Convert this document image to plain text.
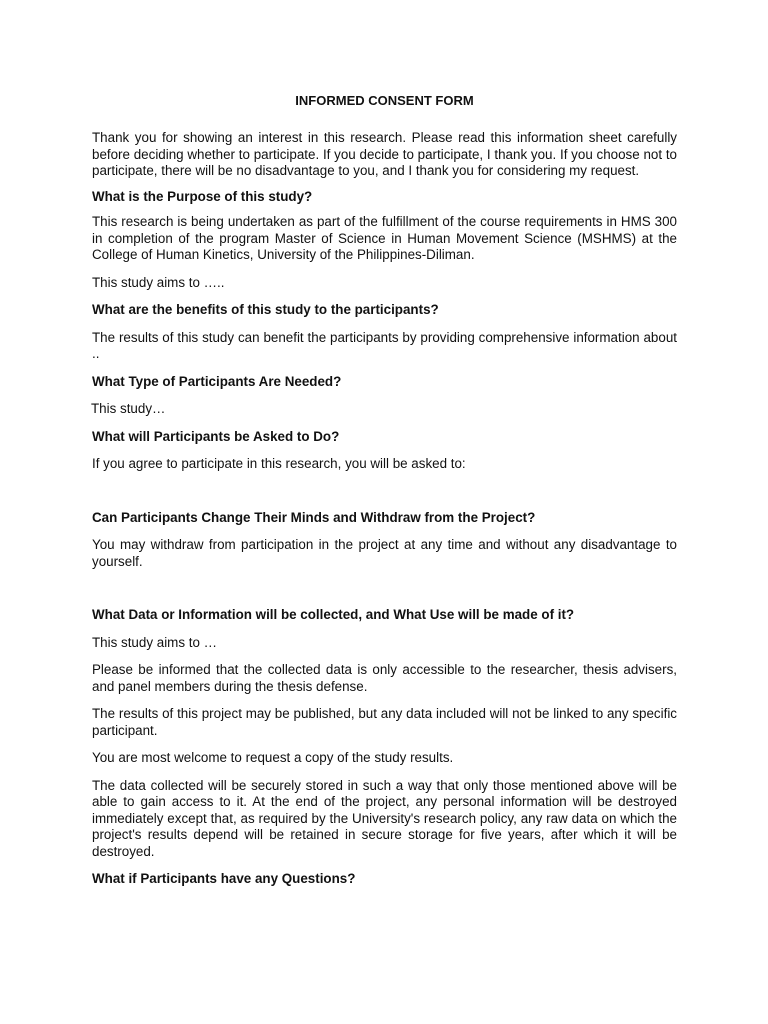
INFORMED CONSENT FORM

Thank you for showing an interest in this research. Please read this information sheet carefully before deciding whether to participate. If you decide to participate, I thank you. If you choose not to participate, there will be no disadvantage to you, and I thank you for considering my request.

What is the Purpose of this study?

This research is being undertaken as part of the fulfillment of the course requirements in HMS 300 in completion of the program Master of Science in Human Movement Science (MSHMS) at the College of Human Kinetics, University of the Philippines-Diliman.

This study aims to …..

What are the benefits of this study to the participants?

The results of this study can benefit the participants by providing comprehensive information about ..

What Type of Participants Are Needed?

This study…

What will Participants be Asked to Do?

If you agree to participate in this research, you will be asked to:

Can Participants Change Their Minds and Withdraw from the Project?

You may withdraw from participation in the project at any time and without any disadvantage to yourself.

What Data or Information will be collected, and What Use will be made of it?

This study aims to …

Please be informed that the collected data is only accessible to the researcher, thesis advisers, and panel members during the thesis defense.

The results of this project may be published, but any data included will not be linked to any specific participant.

You are most welcome to request a copy of the study results.

The data collected will be securely stored in such a way that only those mentioned above will be able to gain access to it. At the end of the project, any personal information will be destroyed immediately except that, as required by the University's research policy, any raw data on which the project's results depend will be retained in secure storage for five years, after which it will be destroyed.

What if Participants have any Questions?
